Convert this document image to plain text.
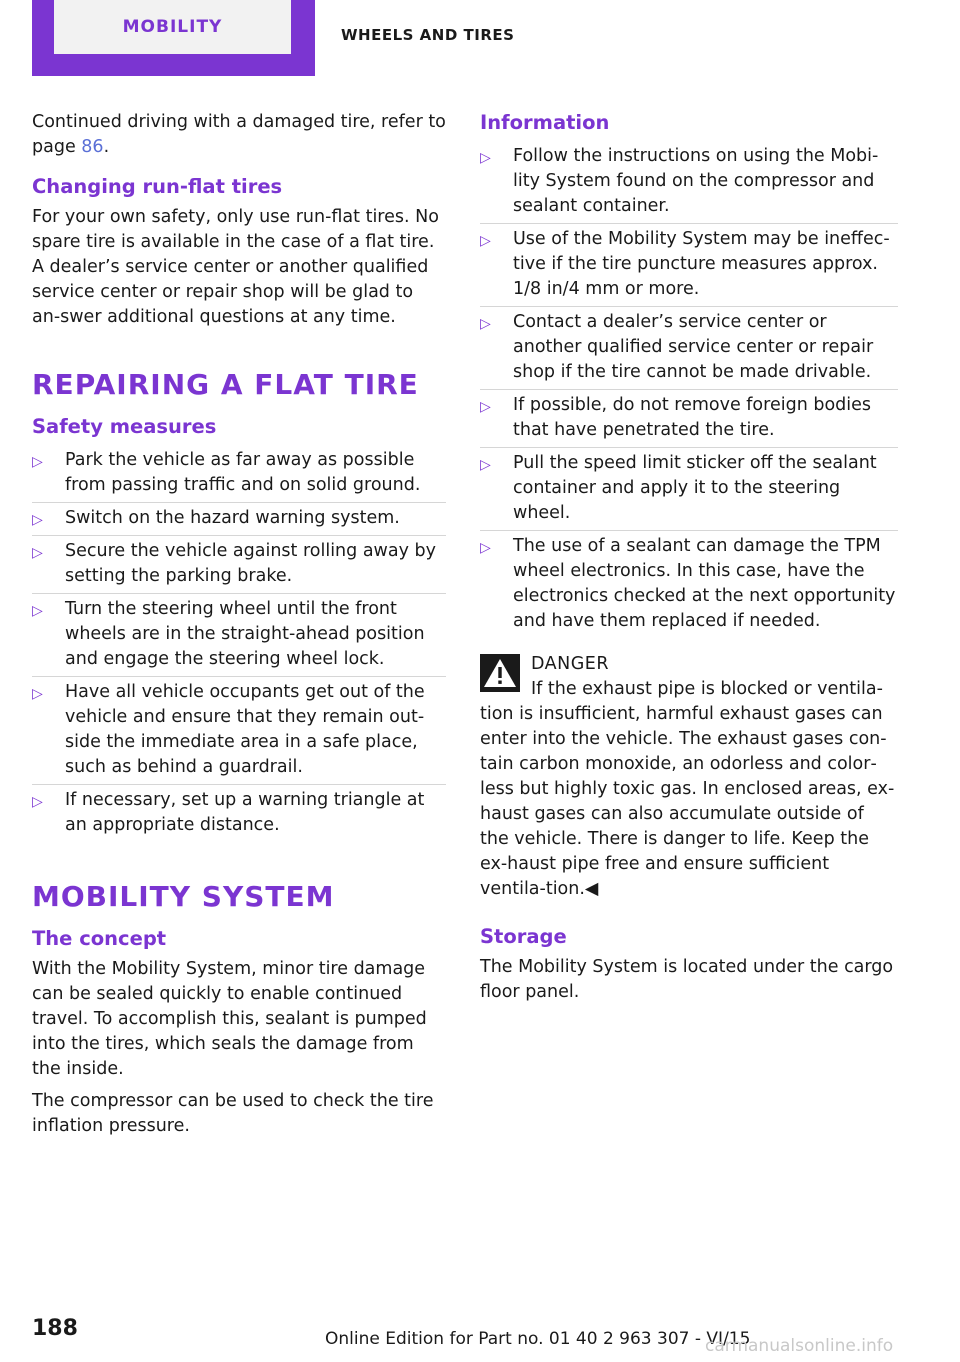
MOBILITY	WHEELS AND TIRES

Continued driving with a damaged tire, refer to page 86.

Changing run-flat tires

For your own safety, only use run-flat tires. No spare tire is available in the case of a flat tire. A dealer’s service center or another qualified service center or repair shop will be glad to an‐swer additional questions at any time.

REPAIRING A FLAT TIRE
Safety measures
▷ Park the vehicle as far away as possible from passing traffic and on solid ground.
▷ Switch on the hazard warning system.
▷ Secure the vehicle against rolling away by setting the parking brake.
▷ Turn the steering wheel until the front wheels are in the straight-ahead position and engage the steering wheel lock.
▷ Have all vehicle occupants get out of the vehicle and ensure that they remain out‐side the immediate area in a safe place, such as behind a guardrail.
▷ If necessary, set up a warning triangle at an appropriate distance.
MOBILITY SYSTEM
The concept

With the Mobility System, minor tire damage can be sealed quickly to enable continued travel. To accomplish this, sealant is pumped into the tires, which seals the damage from the inside.

The compressor can be used to check the tire inflation pressure.

Information
▷ Follow the instructions on using the Mobi‐lity System found on the compressor and sealant container.
▷ Use of the Mobility System may be ineffec‐tive if the tire puncture measures approx. 1/8 in/4 mm or more.
▷ Contact a dealer’s service center or another qualified service center or repair shop if the tire cannot be made drivable.
▷ If possible, do not remove foreign bodies that have penetrated the tire.
▷ Pull the speed limit sticker off the sealant container and apply it to the steering wheel.
▷ The use of a sealant can damage the TPM wheel electronics. In this case, have the electronics checked at the next opportunity and have them replaced if needed.
DANGER

If the exhaust pipe is blocked or ventila‐

tion is insufficient, harmful exhaust gases can enter into the vehicle. The exhaust gases con‐tain carbon monoxide, an odorless and color‐less but highly toxic gas. In enclosed areas, ex‐haust gases can also accumulate outside of the vehicle. There is danger to life. Keep the ex‐haust pipe free and ensure sufficient ventila‐tion.◀

Storage

The Mobility System is located under the cargo floor panel.

188	Online Edition for Part no. 01 40 2 963 307 - VI/15
carmanualsonline.info
